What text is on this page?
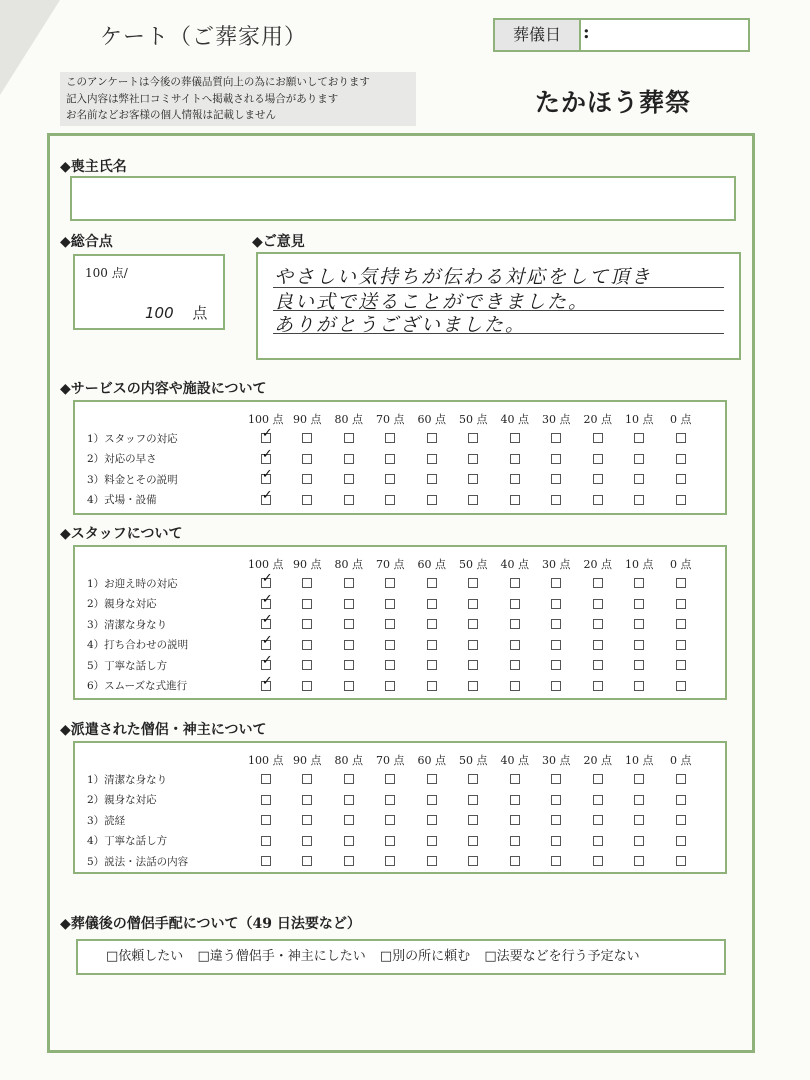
ケート（ご葬家用）	葬儀日	:
このアンケートは今後の葬儀品質向上の為にお願いしております
記入内容は弊社口コミサイトへ掲載される場合があります
お名前などお客様の個人情報は記載しません	たかほう葬祭
◆喪主氏名
◆総合点
100 点/
100 点
◆ご意見
やさしい気持ちが伝わる対応をして頂き
良い式で送ることができました。
ありがとうございました。
◆サービスの内容や施設について
	100 点	90 点	80 点	70 点	60 点	50 点	40 点	30 点	20 点	10 点	0 点
1）スタッフの対応	✓										
2）対応の早さ	✓										
3）料金とその説明	✓										
4）式場・設備	✓										
◆スタッフについて
	100 点	90 点	80 点	70 点	60 点	50 点	40 点	30 点	20 点	10 点	0 点
1）お迎え時の対応	✓										
2）親身な対応	✓										
3）清潔な身なり	✓										
4）打ち合わせの説明	✓										
5）丁寧な話し方	✓										
6）スムーズな式進行	✓										
◆派遣された僧侶・神主について
	100 点	90 点	80 点	70 点	60 点	50 点	40 点	30 点	20 点	10 点	0 点
1）清潔な身なり											
2）親身な対応											
3）読経											
4）丁寧な話し方											
5）説法・法話の内容											
◆葬儀後の僧侶手配について（49 日法要など）
□依頼したい □違う僧侶手・神主にしたい □別の所に頼む □法要などを行う予定ない
